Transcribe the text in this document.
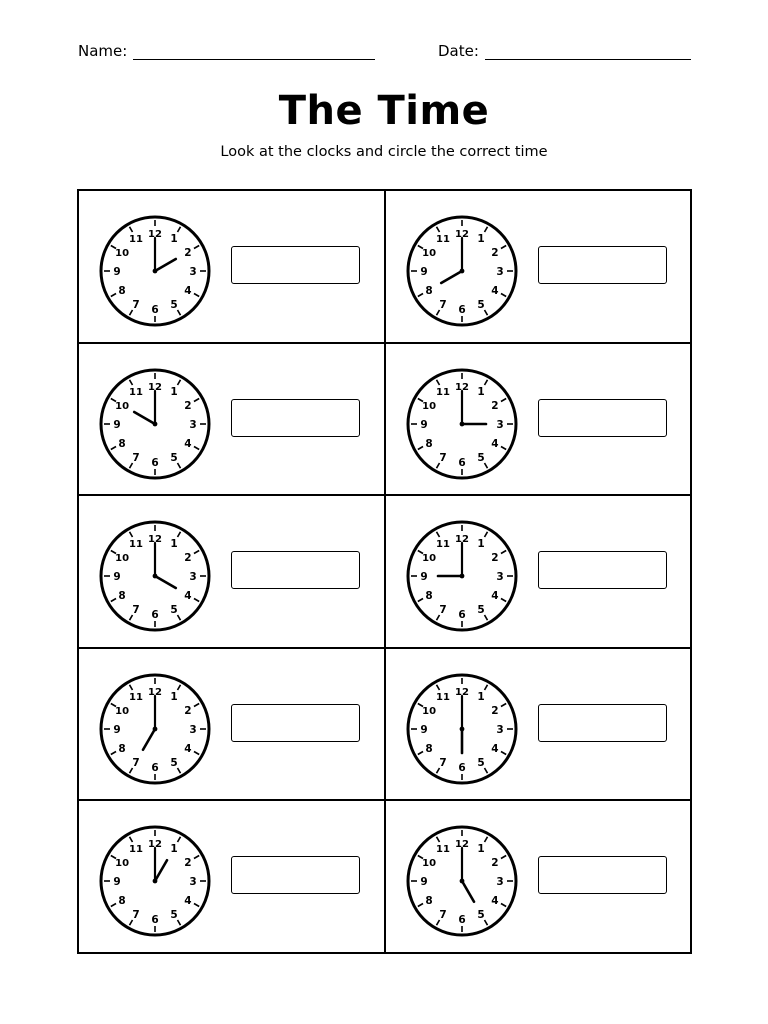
Name:	Date:
The Time
Look at the clocks and circle the correct time
12 1
2
3
4
5
6
7
8
9
10
11	12 1
2
3
4
5
6
7
8
9
10
11
12 1
2
3
4
5
6
7
8
9
10
11	12 1
2
3
4
5
6
7
8
9
10
11
12 1
2
3
4
5
6
7
8
9
10
11	12 1
2
3
4
5
6
7
8
9
10
11
12 1
2
3
4
5
6
7
8
9
10
11	12 1
2
3
4
5
6
7
8
9
10
11
12 1
2
3
4
5
6
7
8
9
10
11	12 1
2
3
4
5
6
7
8
9
10
11
